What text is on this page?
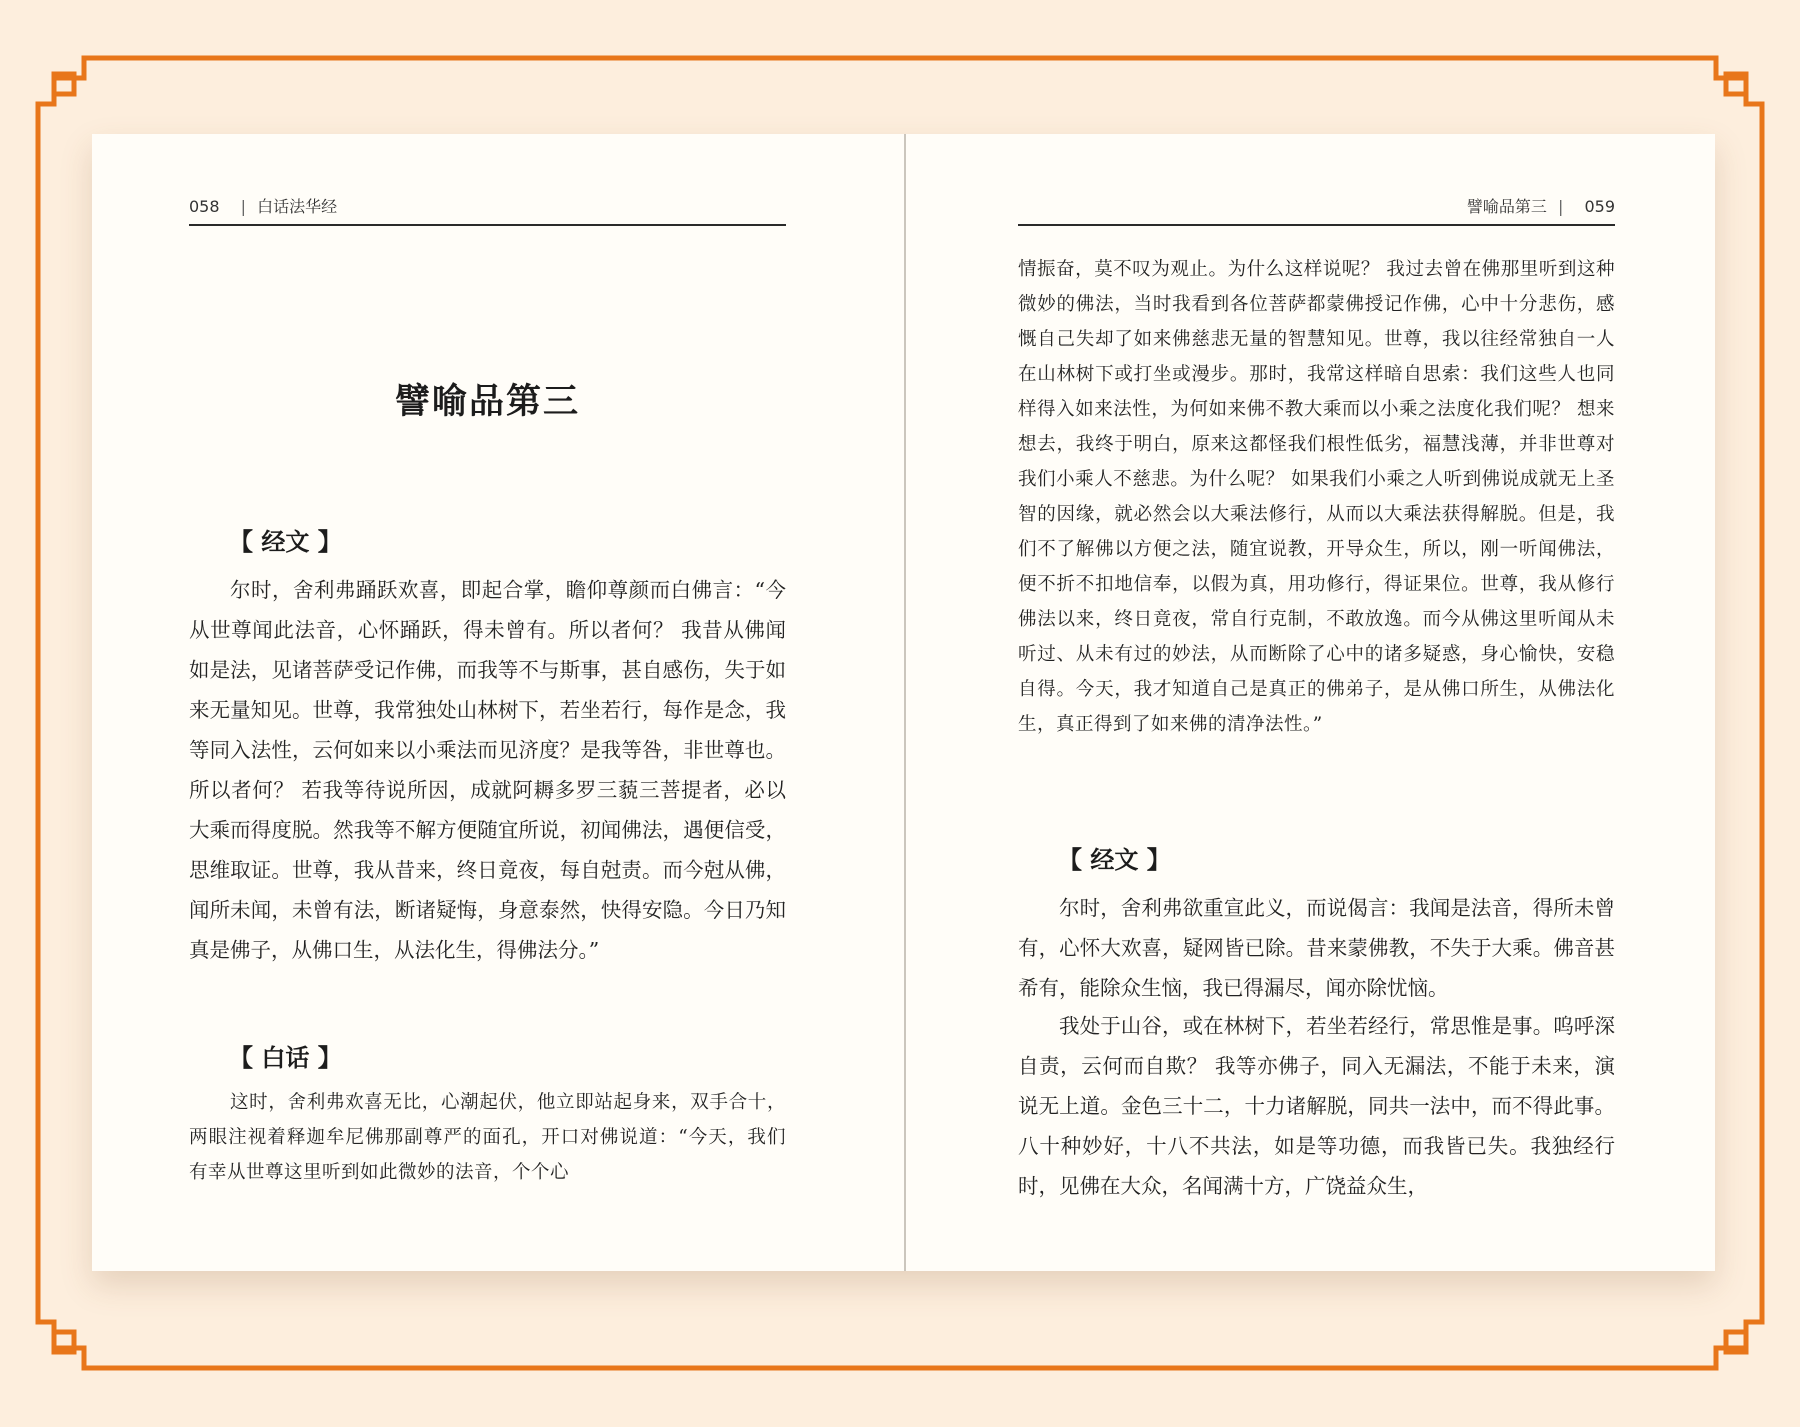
058 | 白话法华经
譬喻品第三
【 经文 】

尔时，舍利弗踊跃欢喜，即起合掌，瞻仰尊颜而白佛言：“今从世尊闻此法音，心怀踊跃，得未曾有。所以者何？ 我昔从佛闻如是法，见诸菩萨受记作佛，而我等不与斯事，甚自感伤，失于如来无量知见。世尊，我常独处山林树下，若坐若行，每作是念，我等同入法性，云何如来以小乘法而见济度？是我等咎，非世尊也。所以者何？ 若我等待说所因，成就阿耨多罗三藐三菩提者，必以大乘而得度脱。然我等不解方便随宜所说，初闻佛法，遇便信受，思维取证。世尊，我从昔来，终日竟夜，每自尅责。而今尅从佛，闻所未闻，未曾有法，断诸疑悔，身意泰然，快得安隐。今日乃知真是佛子，从佛口生，从法化生，得佛法分。”

【 白话 】

这时，舍利弗欢喜无比，心潮起伏，他立即站起身来，双手合十，两眼注视着释迦牟尼佛那副尊严的面孔，开口对佛说道：“今天，我们有幸从世尊这里听到如此微妙的法音，个个心

譬喻品第三 | 059

情振奋，莫不叹为观止。为什么这样说呢？ 我过去曾在佛那里听到这种微妙的佛法，当时我看到各位菩萨都蒙佛授记作佛，心中十分悲伤，感慨自己失却了如来佛慈悲无量的智慧知见。世尊，我以往经常独自一人在山林树下或打坐或漫步。那时，我常这样暗自思索：我们这些人也同样得入如来法性，为何如来佛不教大乘而以小乘之法度化我们呢？ 想来想去，我终于明白，原来这都怪我们根性低劣，福慧浅薄，并非世尊对我们小乘人不慈悲。为什么呢？ 如果我们小乘之人听到佛说成就无上圣智的因缘，就必然会以大乘法修行，从而以大乘法获得解脱。但是，我们不了解佛以方便之法，随宜说教，开导众生，所以，刚一听闻佛法，便不折不扣地信奉，以假为真，用功修行，得证果位。世尊，我从修行佛法以来，终日竟夜，常自行克制，不敢放逸。而今从佛这里听闻从未听过、从未有过的妙法，从而断除了心中的诸多疑惑，身心愉快，安稳自得。今天，我才知道自己是真正的佛弟子，是从佛口所生，从佛法化生，真正得到了如来佛的清净法性。”

【 经文 】

尔时，舍利弗欲重宣此义，而说偈言：我闻是法音，得所未曾有，心怀大欢喜，疑网皆已除。昔来蒙佛教，不失于大乘。佛音甚希有，能除众生恼，我已得漏尽，闻亦除忧恼。

我处于山谷，或在林树下，若坐若经行，常思惟是事。呜呼深自责，云何而自欺？ 我等亦佛子，同入无漏法，不能于未来，演说无上道。金色三十二，十力诸解脱，同共一法中，而不得此事。八十种妙好，十八不共法，如是等功德，而我皆已失。我独经行时，见佛在大众，名闻满十方，广饶益众生，
